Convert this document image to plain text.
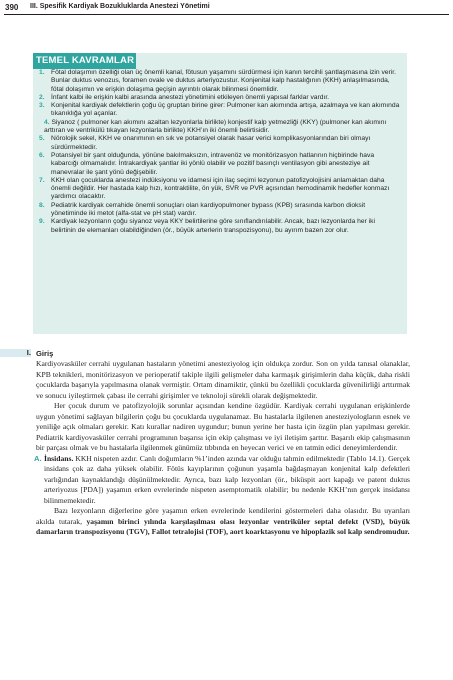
390 III. Spesifik Kardiyak Bozukluklarda Anestezi Yönetimi
1. Fötal dolaşımın özelliği olan üç önemli kanal, fötusun yaşamını sürdürmesi için kanın tercihli şantlaşmasına izin verir. Bunlar duktus venozus, foramen ovale ve duktus arteriyozustur. Konjenital kalp hastalığının (KKH) anlaşılmasında, fötal dolaşımın ve erişkin dolaşıma geçişin ayrıntılı olarak bilinmesi önemlidir.
2. İnfant kalbi ile erişkin kalbi arasında anestezi yönetimini etkileyen önemli yapısal farklar vardır.
3. Konjenital kardiyak defektlerin çoğu üç gruptan birine girer: Pulmoner kan akımında artışa, azalmaya ve kan akımında tıkanıklığa yol açanlar.
4. Siyanoz ( pulmoner kan akımını azaltan lezyonlarla birlikte) konjestif kalp yetmezliği (KKY) (pulmoner kan akımını arttıran ve ventrikülü tıkayan lezyonlarla birlikte) KKH’ın iki önemli belirtisidir.
5. Nörolojik sekel, KKH ve onarımının en sık ve potansiyel olarak hasar verici komplikasyonlarından biri olmayı sürdürmektedir.
6. Potansiyel bir şant olduğunda, yönüne bakılmaksızın, intravenöz ve monitörizasyon hatlarının hiçbirinde hava kabarcığı olmamalıdır. İntrakardiyak şantlar iki yönlü olabilir ve pozitif basınçlı ventilasyon gibi anesteziye ait manevralar ile şant yönü değişebilir.
7. KKH olan çocuklarda anestezi indüksiyonu ve idamesi için ilaç seçimi lezyonun patofizyolojisini anlamaktan daha önemli değildir. Her hastada kalp hızı, kontraktilite, ön yük, SVR ve PVR açısından hemodinamik hedefler konmazı yardımcı olacaktır.
8. Pediatrik kardiyak cerrahide önemli sonuçları olan kardiyopulmoner bypass (KPB) sırasında karbon dioksit yönetiminde iki metot (alfa-stat ve pH stat) vardır.
9. Kardiyak lezyonların çoğu siyanoz veya KKY belirtilerine göre sınıflandırılabilir. Ancak, bazı lezyonlarda her iki belirtinin de elemanları olabildiğinden (ör., büyük arterlerin transpozisyonu), bu ayırım bazen zor olur.
TEMEL KAVRAMLAR
I. Giriş

Kardiyovasküler cerrahi uygulanan hastaların yönetimi anesteziyolog için oldukça zordur. Son on yılda tanısal olanaklar, KPB teknikleri, monitörizasyon ve perioperatif takiple ilgili gelişmeler daha karmaşık girişimlerin daha küçük, daha riskli çocuklarda başarıyla yapılmasına olanak vermiştir. Ortam dinamiktir, çünkü bu özellikli çocuklarda güvenilirliği arttırmak ve sonucu iyileştirmek çabası ile cerrahi girişimler ve teknoloji sürekli olarak değişmektedir.

Her çocuk durum ve patofizyolojik sorunlar açısından kendine özgüdür. Kardiyak cerrahi uygulanan erişkinlerde uygun yönetimi sağlayan bilgilerin çoğu bu çocuklarda uygulanamaz. Bu hastalarla ilgilenen anesteziyologların esnek ve yeniliğe açık olmaları gerekir. Katı kurallar nadiren uygundur; bunun yerine her hasta için özgün plan yapılması gerekir. Pediatrik kardiyovasküler cerrahi programının başarısı için ekip çalışması ve iyi iletişim şarttır. Başarılı ekip çalışmasının bir parçası olmak ve bu hastalarla ilgilenmek günümüz tıbbında en heyecan verici ve en tatmin edici deneyimlerdendir.

A. İnsidans. KKH nispeten azdır. Canlı doğumların %1’inden azında var olduğu tahmin edilmektedir (Tablo 14.1). Gerçek insidans çok az daha yüksek olabilir. Fötüs kayıplarının çoğunun yaşamla bağdaşmayan konjenital kalp defektleri varlığından kaynaklandığı düşünülmektedir. Ayrıca, bazı kalp lezyonları (ör., biküspit aort kapağı ve patent duktus arteriyozus [PDA]) yaşamın erken evrelerinde nispeten asemptomatik olabilir; bu nedenle KKH’nın gerçek insidansı bilinmemektedir.

Bazı lezyonların diğerlerine göre yaşamın erken evrelerinde kendilerini göstermeleri daha olasıdır. Bu uyarıları akılda tutarak, yaşamın birinci yılında karşılaşılması olası lezyonlar ventriküler septal defekt (VSD), büyük damarların transpozisyonu (TGV), Fallot tetralojisi (TOF), aort koarktasyonu ve hipoplazik sol kalp sendromudur.
